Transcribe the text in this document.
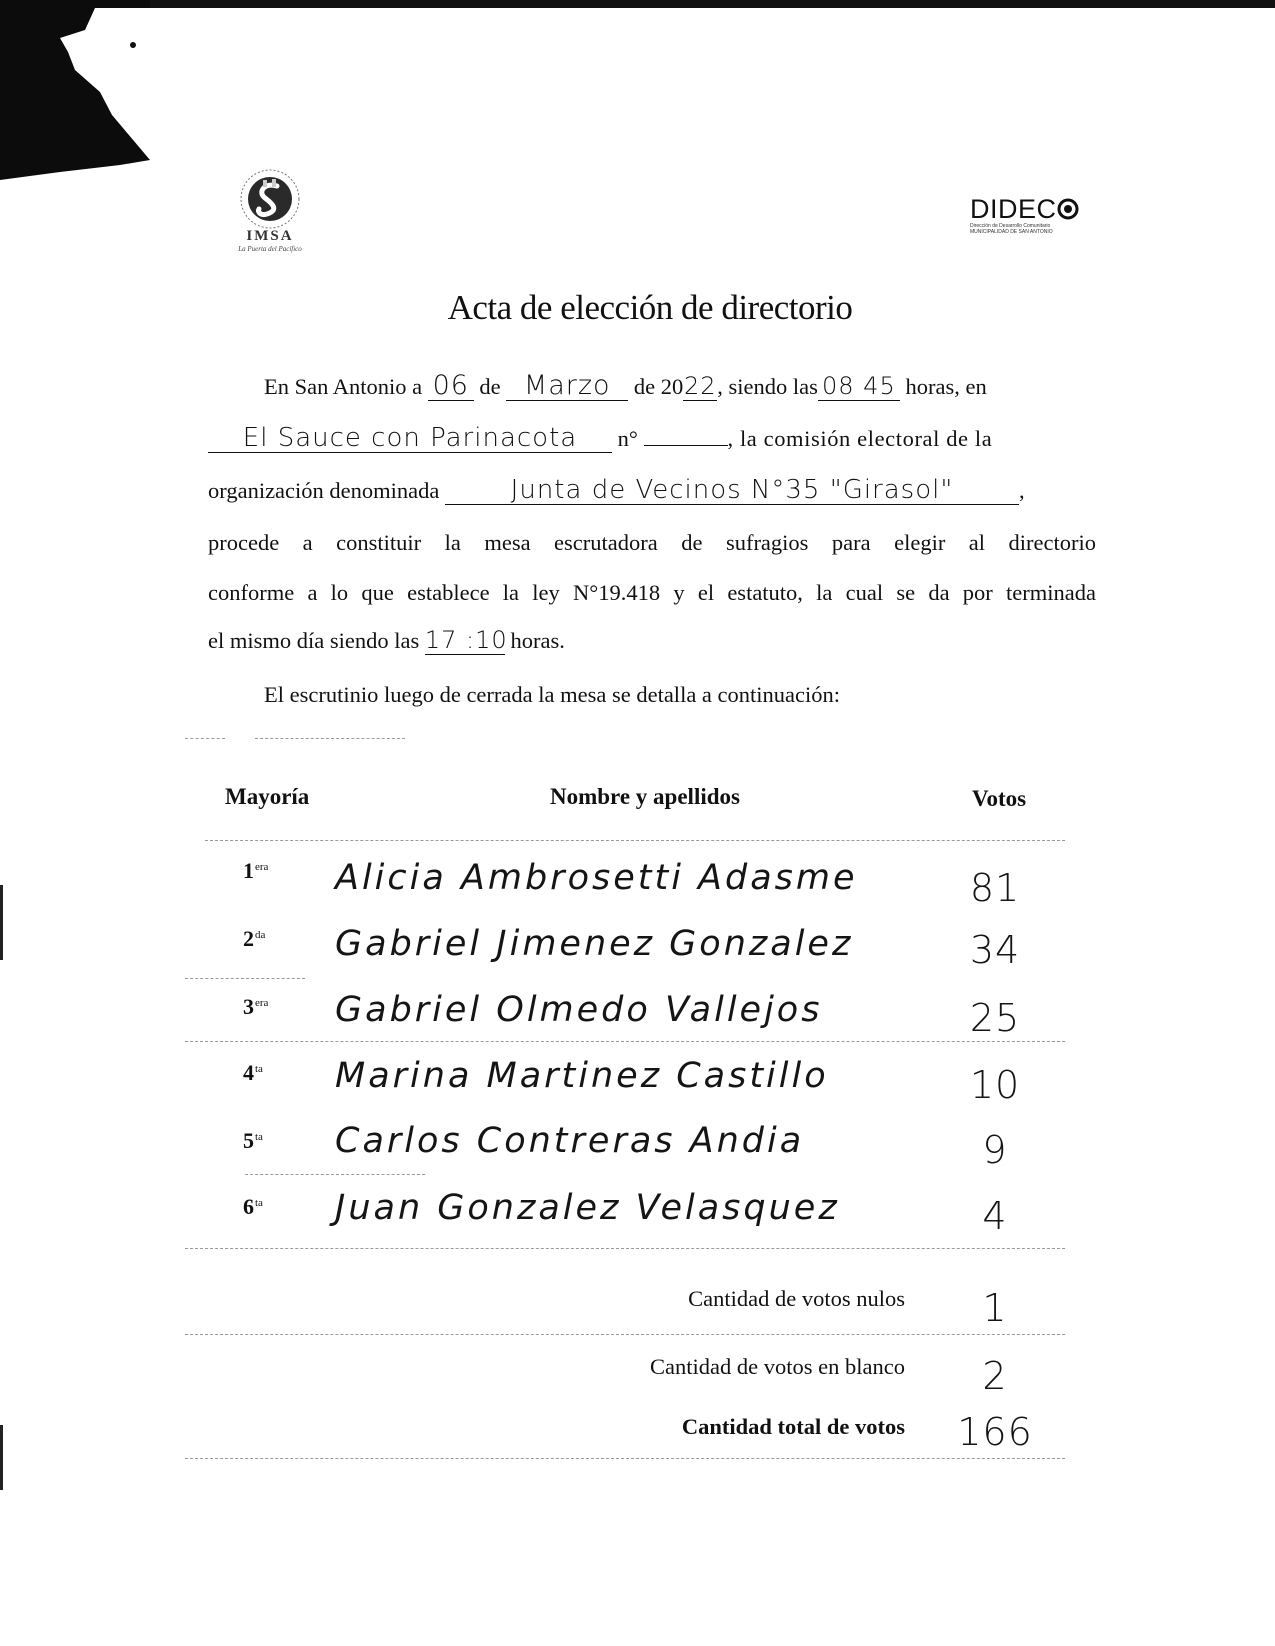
IMSA
La Puerta del Pacífico
DIDEC
Dirección de Desarrollo Comunitario
MUNICIPALIDAD DE SAN ANTONIO
Acta de elección de directorio
En San Antonio a 06 de Marzo de 2022, siendo las 08 45 horas, en
El Sauce con Parinacota n°	, la comisión electoral de la
organización denominada	Junta de Vecinos N°35 "Girasol"	,
procede a constituir la mesa escrutadora de sufragios para elegir al directorio
conforme a lo que establece la ley N°19.418 y el estatuto, la cual se da por terminada
el mismo día siendo las 17 :10 horas.
El escrutinio luego de cerrada la mesa se detalla a continuación:
Mayoría	Nombre y apellidos	Votos
$1^{era}$ Alicia Ambrosetti Adasme	81
$2^{da}$ Gabriel Jimenez Gonzalez	34
$3^{era}$ Gabriel Olmedo Vallejos	25
$4^{ta}$ Marina Martinez Castillo	10
$5^{ta}$ Carlos Contreras Andia	9
$6^{ta}$ Juan Gonzalez Velasquez	4
Cantidad de votos nulos	1
Cantidad de votos en blanco	2
Cantidad total de votos 166
